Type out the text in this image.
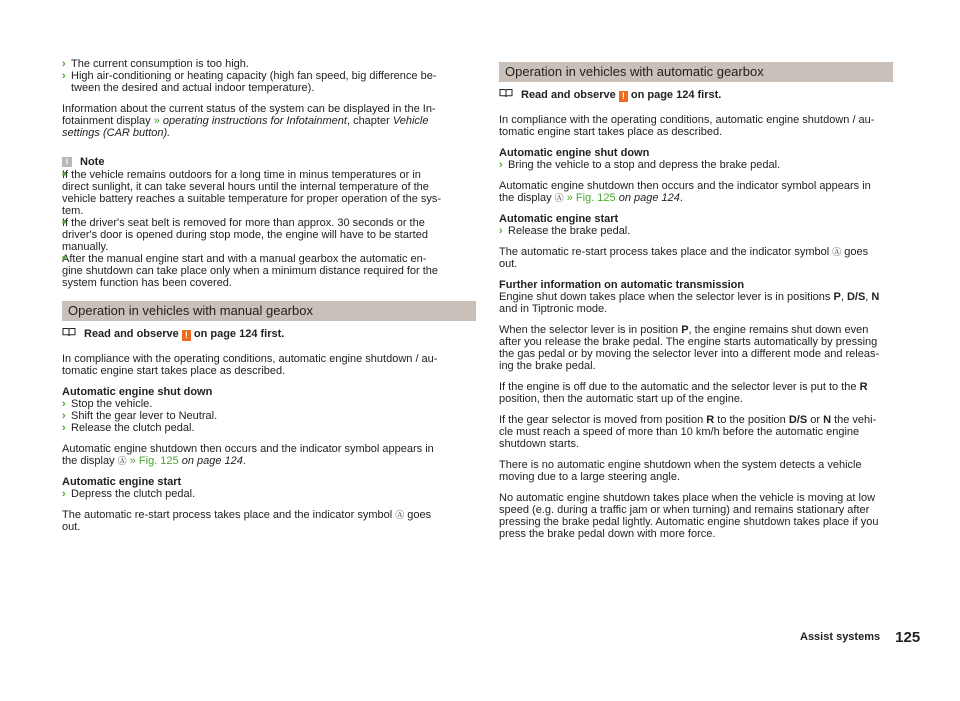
› The current consumption is too high.
› High air-conditioning or heating capacity (high fan speed, big difference be-
tween the desired and actual indoor temperature).
Information about the current status of the system can be displayed in the In-
fotainment display » operating instructions for Infotainment, chapter Vehicle
settings (CAR button).
i	Note
■ If the vehicle remains outdoors for a long time in minus temperatures or in
direct sunlight, it can take several hours until the internal temperature of the
vehicle battery reaches a suitable temperature for proper operation of the sys-
tem.
■ If the driver's seat belt is removed for more than approx. 30 seconds or the
driver's door is opened during stop mode, the engine will have to be started
manually.
■ After the manual engine start and with a manual gearbox the automatic en-
gine shutdown can take place only when a minimum distance required for the
system function has been covered.
Operation in vehicles with manual gearbox
Read and observe ! on page 124 first.
In compliance with the operating conditions, automatic engine shutdown / au-
tomatic engine start takes place as described.
Automatic engine shut down
› Stop the vehicle.
› Shift the gear lever to Neutral.
› Release the clutch pedal.
Automatic engine shutdown then occurs and the indicator symbol appears in
the display Ⓐ » Fig. 125 on page 124.
Automatic engine start
› Depress the clutch pedal.
The automatic re-start process takes place and the indicator symbol Ⓐ goes
out.
Operation in vehicles with automatic gearbox
Read and observe ! on page 124 first.
In compliance with the operating conditions, automatic engine shutdown / au-
tomatic engine start takes place as described.
Automatic engine shut down
› Bring the vehicle to a stop and depress the brake pedal.
Automatic engine shutdown then occurs and the indicator symbol appears in
the display Ⓐ » Fig. 125 on page 124.
Automatic engine start
› Release the brake pedal.
The automatic re-start process takes place and the indicator symbol Ⓐ goes
out.
Further information on automatic transmission
Engine shut down takes place when the selector lever is in positions P, D/S, N
and in Tiptronic mode.
When the selector lever is in position P, the engine remains shut down even
after you release the brake pedal. The engine starts automatically by pressing
the gas pedal or by moving the selector lever into a different mode and releas-
ing the brake pedal.
If the engine is off due to the automatic and the selector lever is put to the R
position, then the automatic start up of the engine.
If the gear selector is moved from position R to the position D/S or N the vehi-
cle must reach a speed of more than 10 km/h before the automatic engine
shutdown starts.
There is no automatic engine shutdown when the system detects a vehicle
moving due to a large steering angle.
No automatic engine shutdown takes place when the vehicle is moving at low
speed (e.g. during a traffic jam or when turning) and remains stationary after
pressing the brake pedal lightly. Automatic engine shutdown takes place if you
press the brake pedal down with more force.
Assist systems 125
